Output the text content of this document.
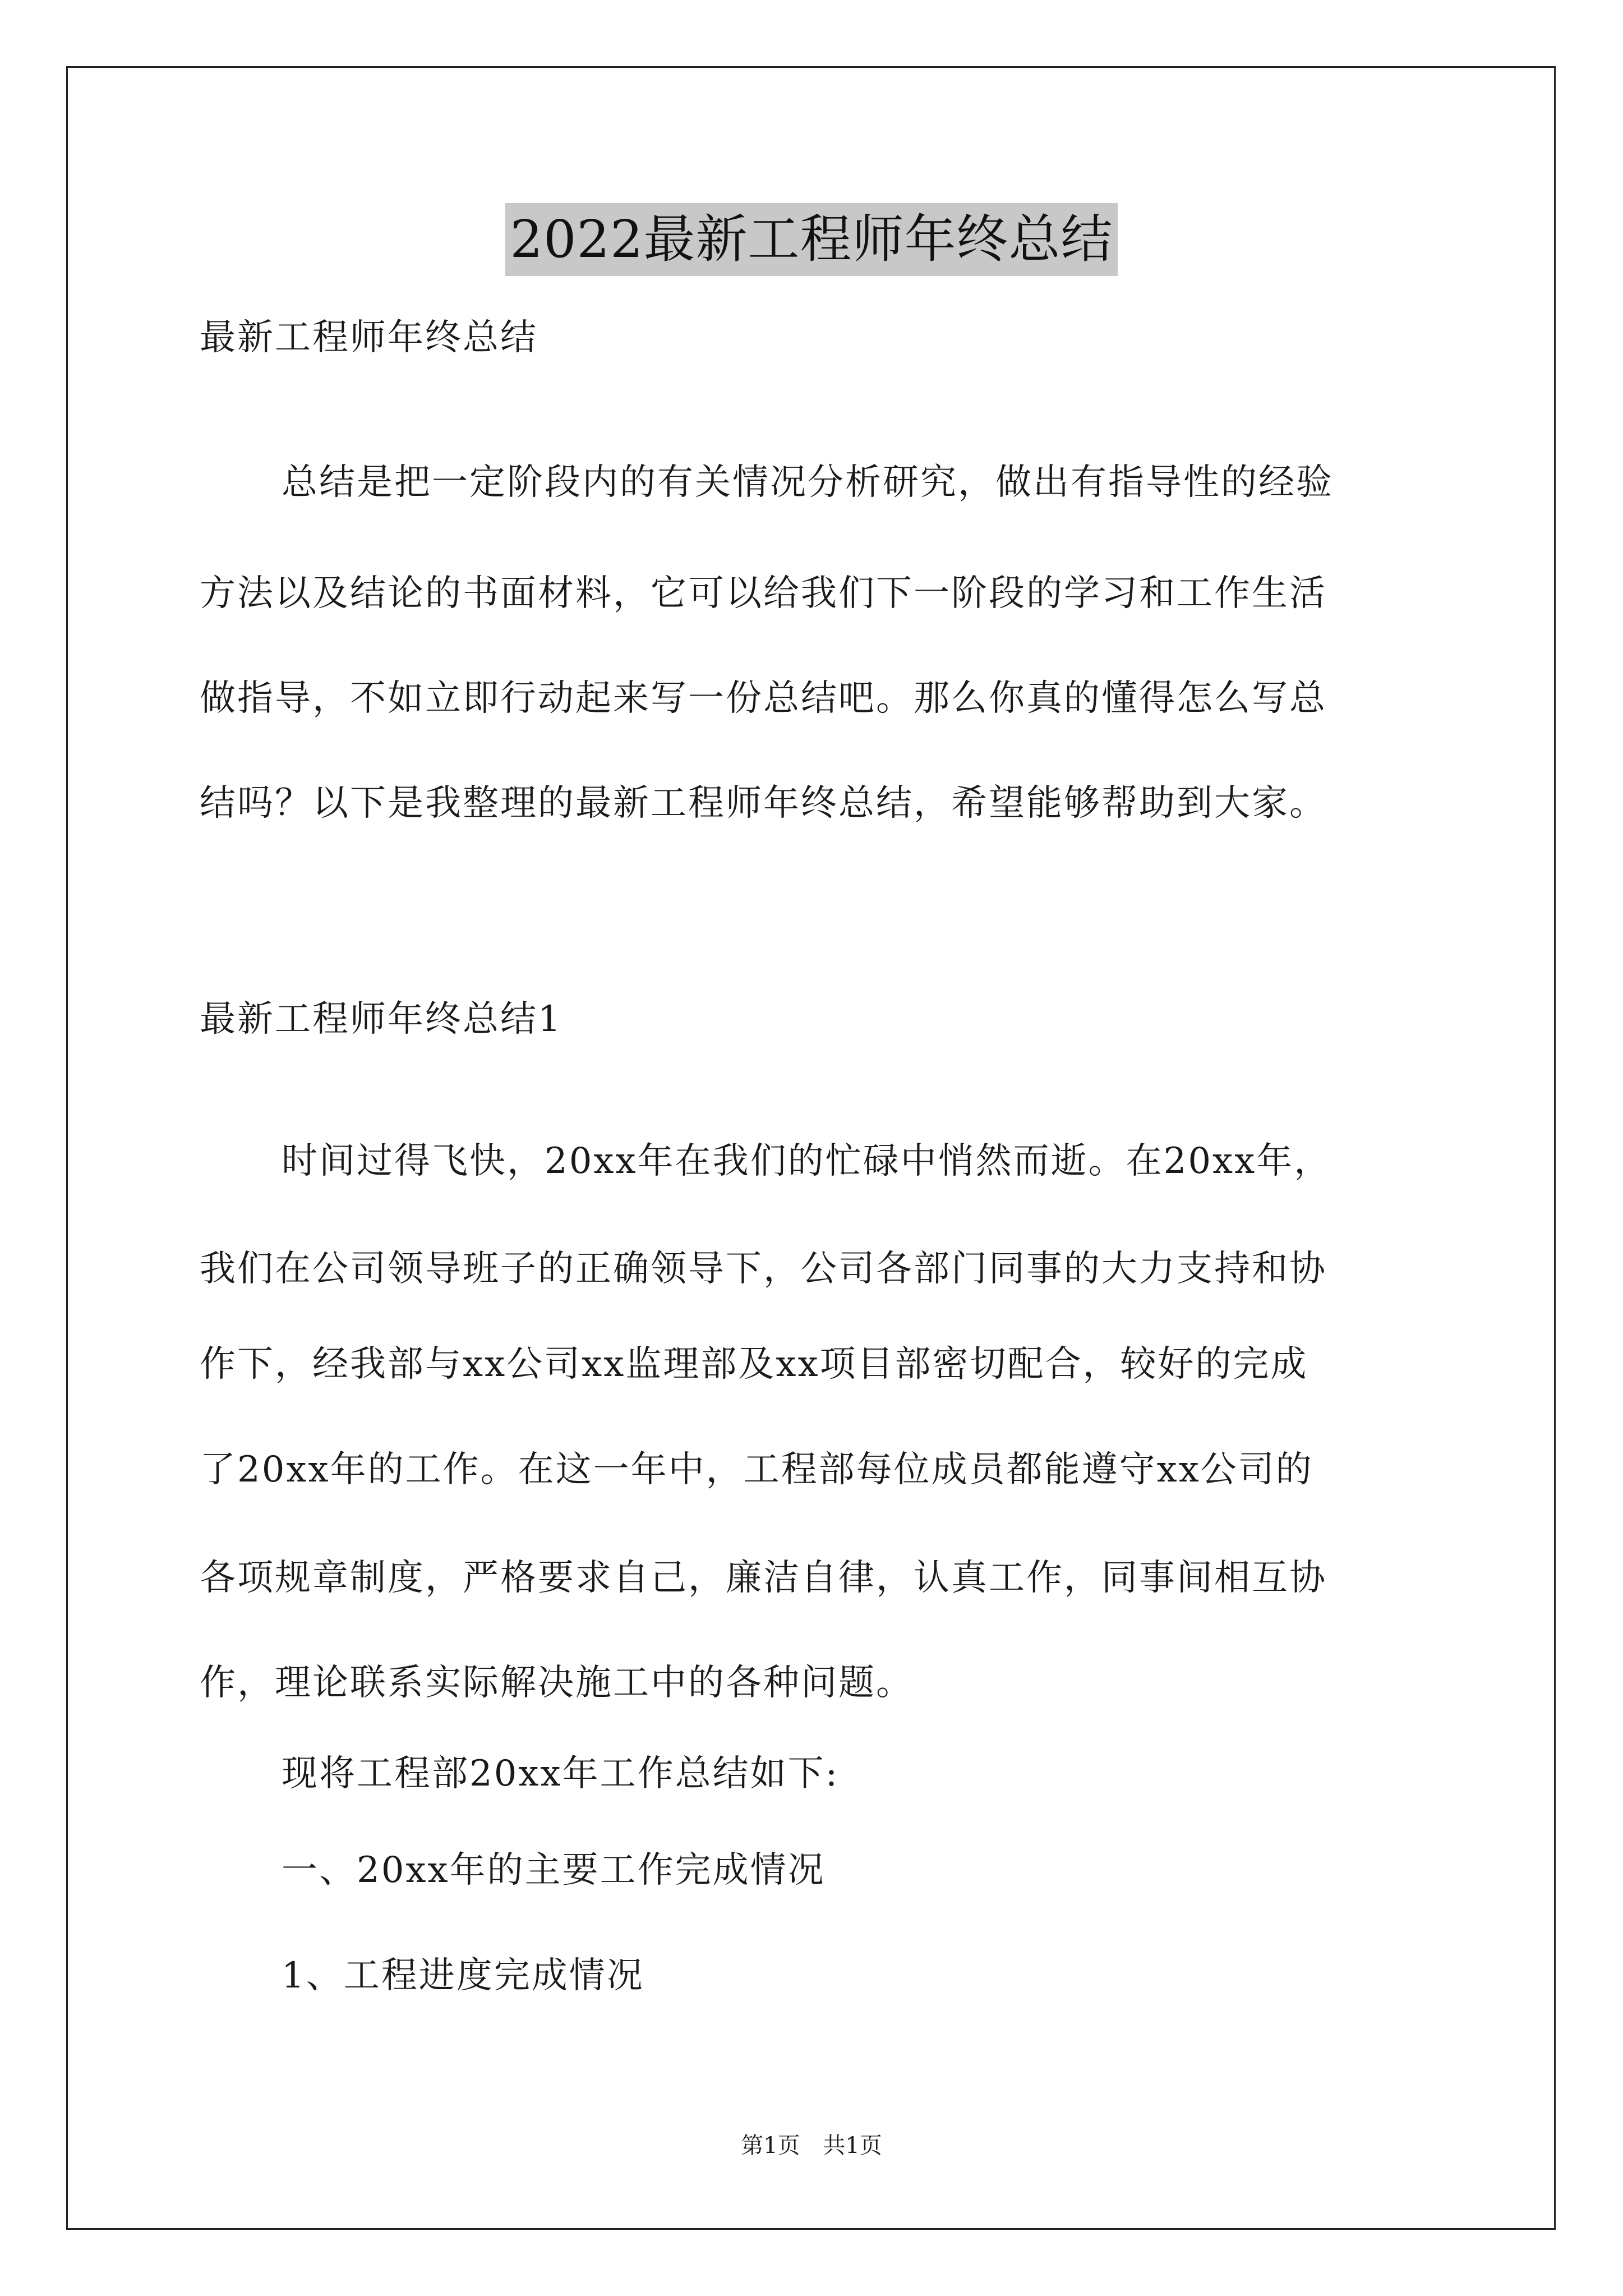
2022最新工程师年终总结
最新工程师年终总结
总结是把一定阶段内的有关情况分析研究，做出有指导性的经验
方法以及结论的书面材料，它可以给我们下一阶段的学习和工作生活
做指导，不如立即行动起来写一份总结吧。那么你真的懂得怎么写总
结吗？以下是我整理的最新工程师年终总结，希望能够帮助到大家。
最新工程师年终总结1
时间过得飞快，20xx年在我们的忙碌中悄然而逝。在20xx年，
我们在公司领导班子的正确领导下，公司各部门同事的大力支持和协
作下，经我部与xx公司xx监理部及xx项目部密切配合，较好的完成
了20xx年的工作。在这一年中，工程部每位成员都能遵守xx公司的
各项规章制度，严格要求自己，廉洁自律，认真工作，同事间相互协
作，理论联系实际解决施工中的各种问题。
现将工程部20xx年工作总结如下:
一、20xx年的主要工作完成情况
1、工程进度完成情况
第1页 共1页
